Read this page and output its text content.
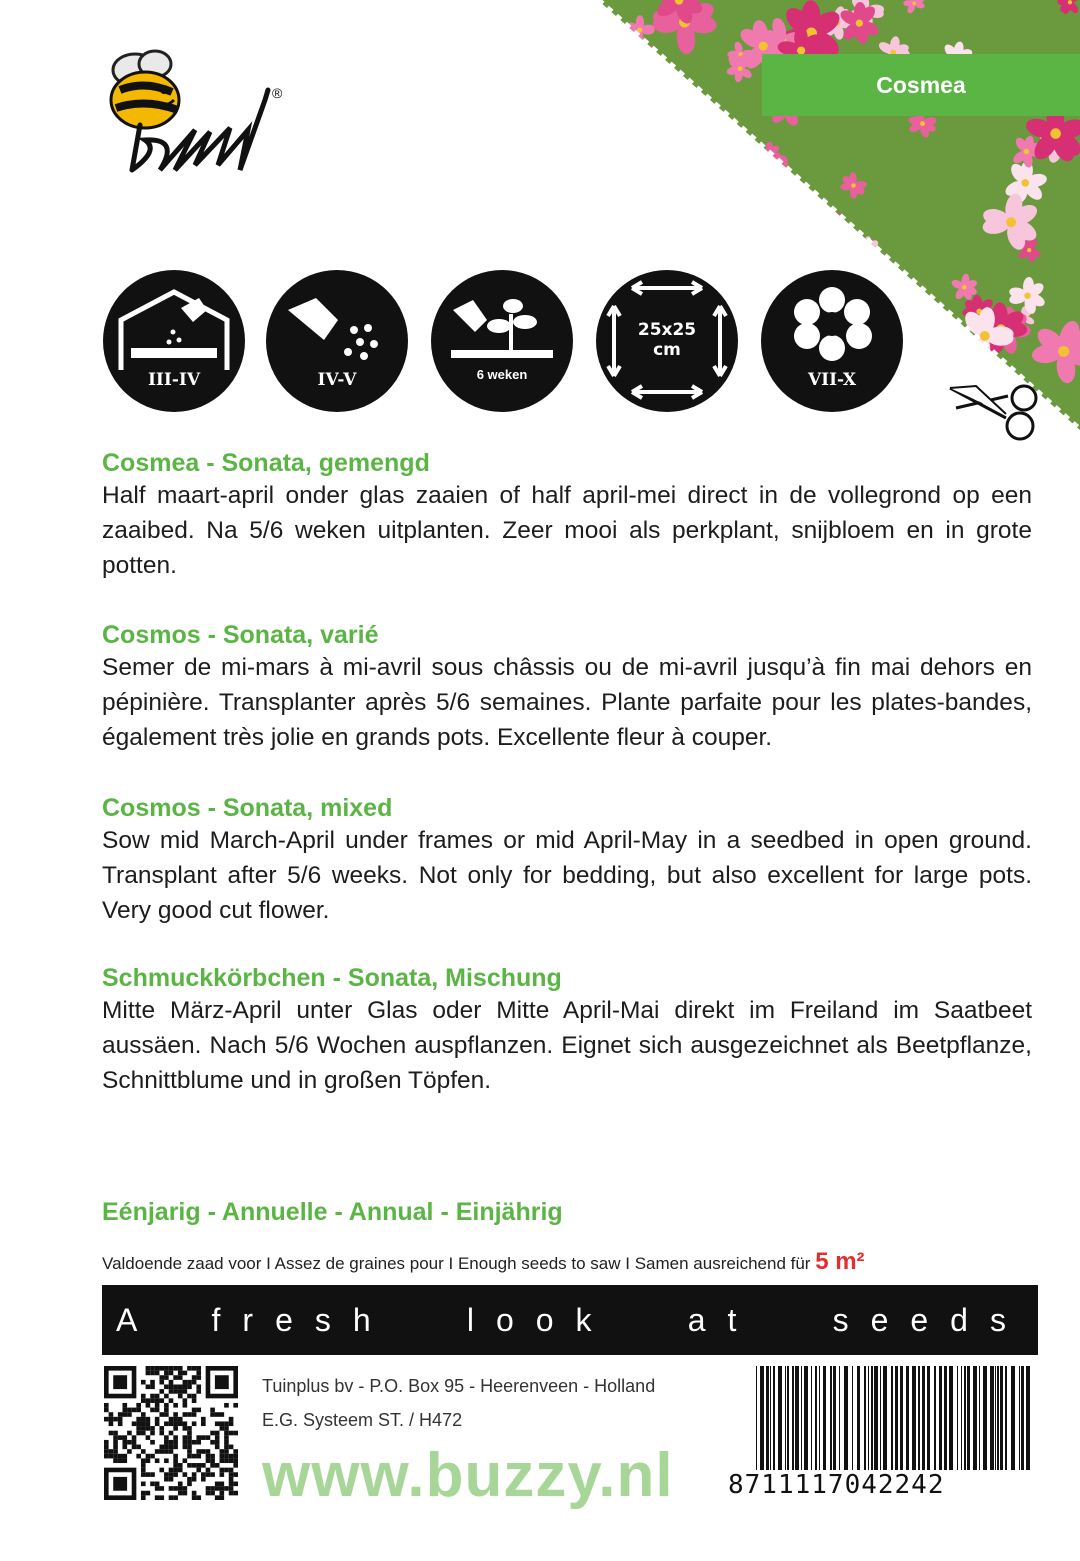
®	Cosmea
III-IV	IV-V	6 weken
25x25 cm
VII-X

Cosmea - Sonata, gemengd

Half maart-april onder glas zaaien of half april-mei direct in de vollegrond op een zaaibed. Na 5/6 weken uitplanten. Zeer mooi als perkplant, snijbloem en in grote potten.

Cosmos - Sonata, varié

Semer de mi-mars à mi-avril sous châssis ou de mi-avril jusqu’à fin mai dehors en pépinière. Transplanter après 5/6 semaines. Plante parfaite pour les plates-bandes, également très jolie en grands pots. Excellente fleur à couper.

Cosmos - Sonata, mixed

Sow mid March-April under frames or mid April-May in a seedbed in open ground. Transplant after 5/6 weeks. Not only for bedding, but also excellent for large pots. Very good cut flower.

Schmuckkörbchen - Sonata, Mischung

Mitte März-April unter Glas oder Mitte April-Mai direkt im Freiland im Saatbeet aussäen. Nach 5/6 Wochen auspflanzen. Eignet sich ausgezeichnet als Beetpflanze, Schnittblume und in großen Töpfen.

Eénjarig - Annuelle - Annual - Einjährig
Valdoende zaad voor I Assez de graines pour I Enough seeds to saw I Samen ausreichend für 5 m²
A fresh look at seeds
Tuinplus bv - P.O. Box 95 - Heerenveen - Holland
E.G. Systeem ST. / H472
www.buzzy.nl 8711117042242
